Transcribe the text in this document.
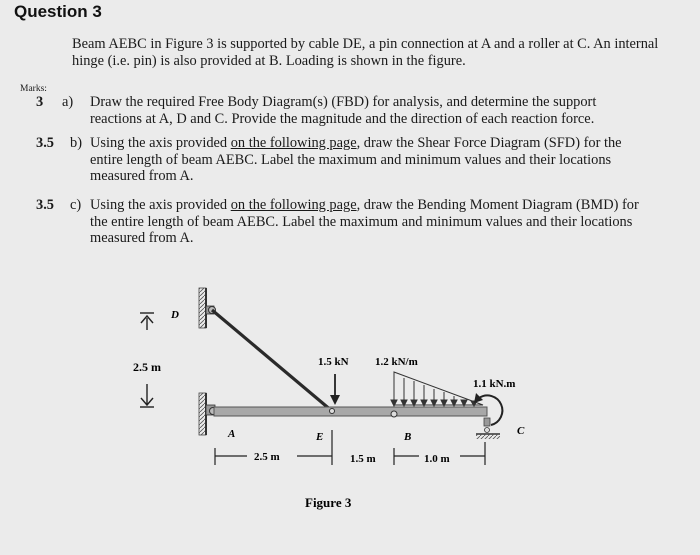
Question 3
Beam AEBC in Figure 3 is supported by cable DE, a pin connection at A and a roller at C. An internal hinge (i.e. pin) is also provided at B. Loading is shown in the figure.
Marks:
3 a) Draw the required Free Body Diagram(s) (FBD) for analysis, and determine the support reactions at A, D and C. Provide the magnitude and the direction of each reaction force.
3.5 b) Using the axis provided on the following page, draw the Shear Force Diagram (SFD) for the entire length of beam AEBC. Label the maximum and minimum values and their locations measured from A.
3.5 c) Using the axis provided on the following page, draw the Bending Moment Diagram (BMD) for the entire length of beam AEBC. Label the maximum and minimum values and their locations measured from A.
2.5 m
D
1.5 kN 1.2 kN/m
1.1 kN.m
A	E	B	C
2.5 m	1.5 m	1.0 m
Figure 3
